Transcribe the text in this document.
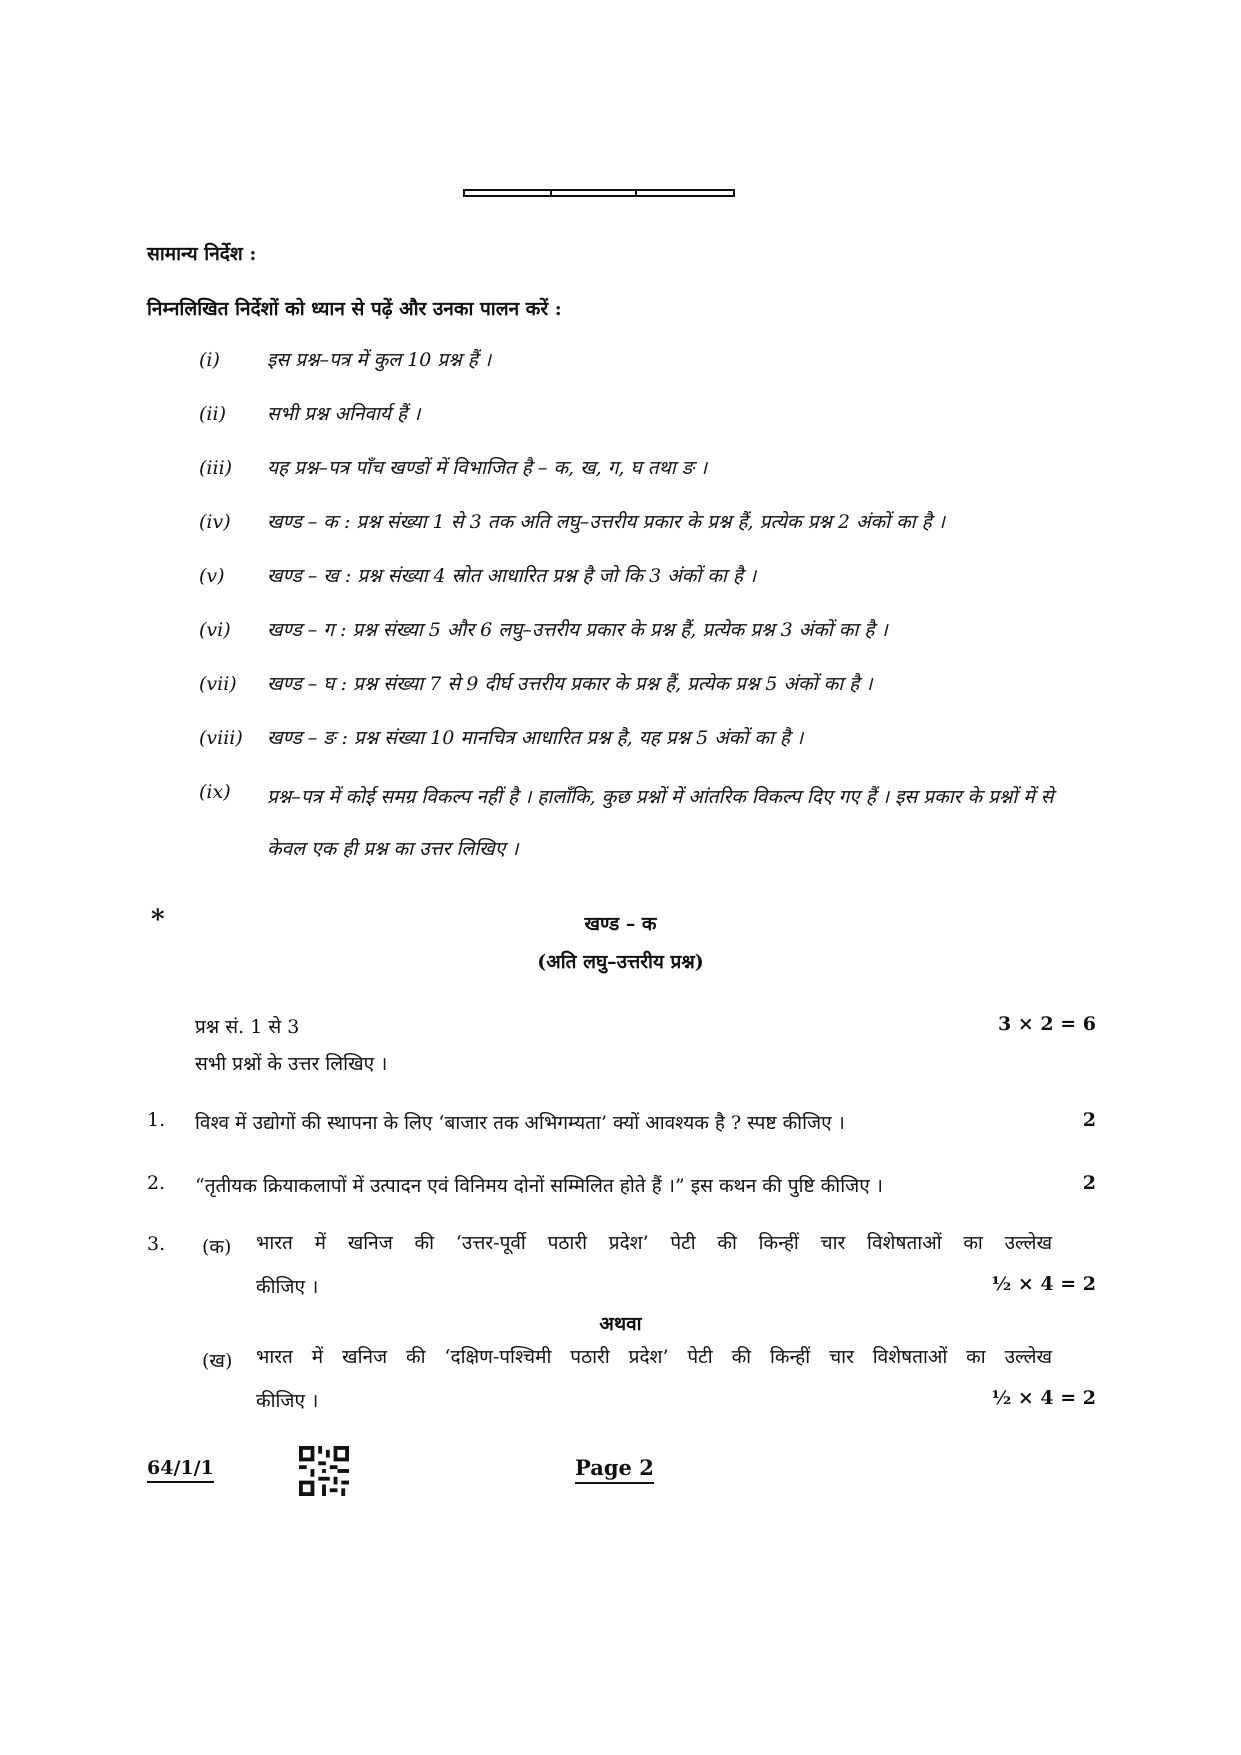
सामान्य निर्देश :
निम्नलिखित निर्देशों को ध्यान से पढ़ें और उनका पालन करें :
(i) इस प्रश्न–पत्र में कुल 10 प्रश्न हैं ।
(ii) सभी प्रश्न अनिवार्य हैं ।
(iii) यह प्रश्न–पत्र पाँच खण्डों में विभाजित है – क, ख, ग, घ तथा ङ ।
(iv) खण्ड – क : प्रश्न संख्या 1 से 3 तक अति लघु–उत्तरीय प्रकार के प्रश्न हैं, प्रत्येक प्रश्न 2 अंकों का है ।
(v) खण्ड – ख : प्रश्न संख्या 4 स्रोत आधारित प्रश्न है जो कि 3 अंकों का है ।
(vi) खण्ड – ग : प्रश्न संख्या 5 और 6 लघु–उत्तरीय प्रकार के प्रश्न हैं, प्रत्येक प्रश्न 3 अंकों का है ।
(vii) खण्ड – घ : प्रश्न संख्या 7 से 9 दीर्घ उत्तरीय प्रकार के प्रश्न हैं, प्रत्येक प्रश्न 5 अंकों का है ।
(viii) खण्ड – ङ : प्रश्न संख्या 10 मानचित्र आधारित प्रश्न है, यह प्रश्न 5 अंकों का है ।
(ix) प्रश्न–पत्र में कोई समग्र विकल्प नहीं है । हालाँकि, कुछ प्रश्नों में आंतरिक विकल्प दिए गए हैं । इस प्रकार के प्रश्नों में से केवल एक ही प्रश्न का उत्तर लिखिए ।
*	खण्ड – क
(अति लघु–उत्तरीय प्रश्न)
प्रश्न सं. 1 से 3	3 × 2 = 6
सभी प्रश्नों के उत्तर लिखिए ।
1. विश्व में उद्योगों की स्थापना के लिए ‘बाजार तक अभिगम्यता’ क्यों आवश्यक है ? स्पष्ट कीजिए ।	2
2. “तृतीयक क्रियाकलापों में उत्पादन एवं विनिमय दोनों सम्मिलित होते हैं ।” इस कथन की पुष्टि कीजिए ।	2
3. (क) भारत में खनिज की ‘उत्तर-पूर्वी पठारी प्रदेश’ पेटी की किन्हीं चार विशेषताओं का उल्लेख
कीजिए ।	½ × 4 = 2
अथवा
(ख) भारत में खनिज की ‘दक्षिण-पश्चिमी पठारी प्रदेश’ पेटी की किन्हीं चार विशेषताओं का उल्लेख
कीजिए ।	½ × 4 = 2
64/1/1	Page 2
